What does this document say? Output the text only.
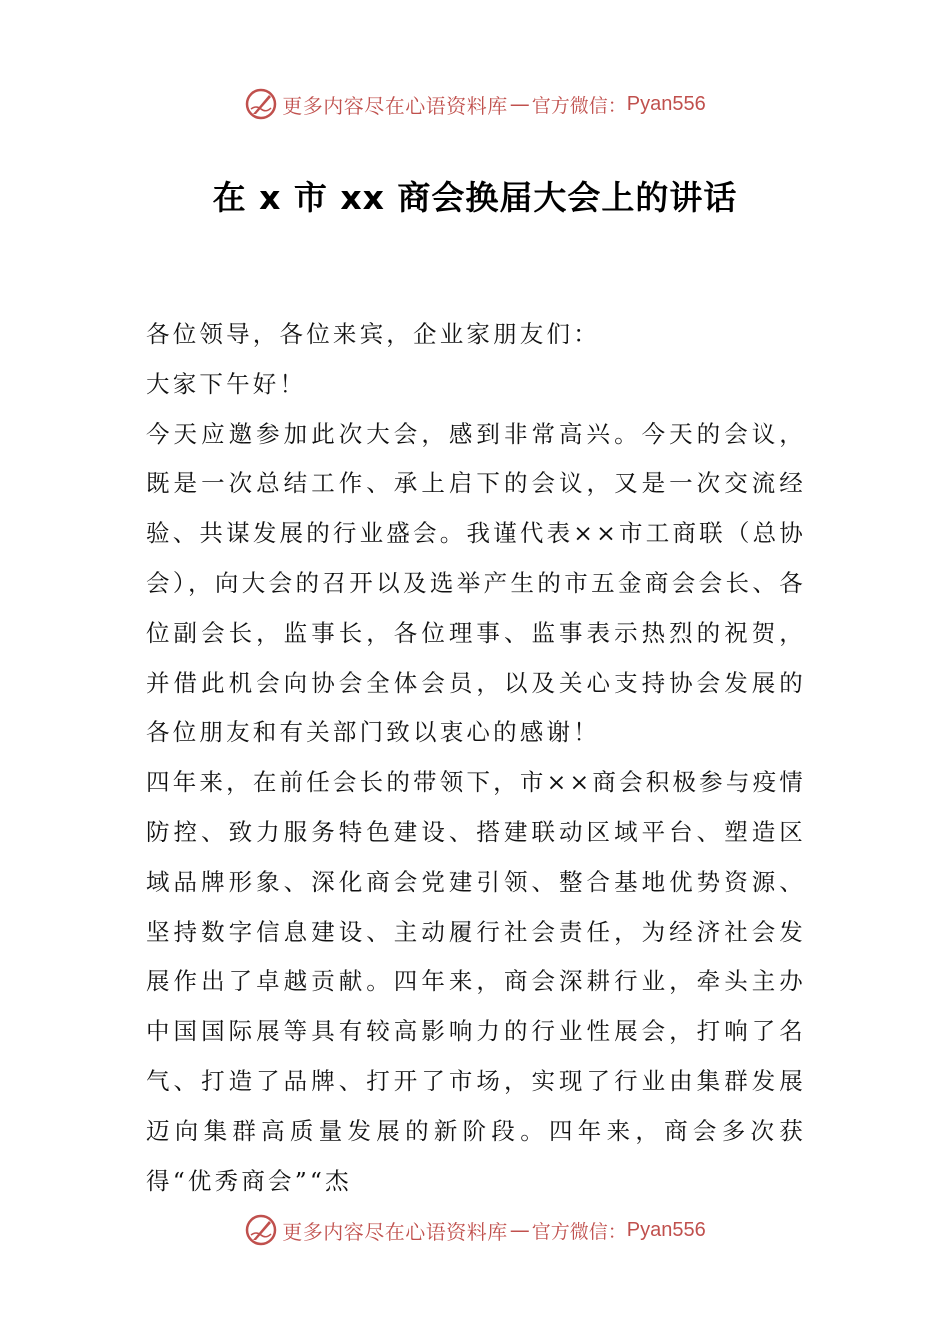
更多内容尽在心语资料库 — 官方微信： Pyan556
在 x 市 xx 商会换届大会上的讲话

各位领导，各位来宾，企业家朋友们：

大家下午好！

今天应邀参加此次大会，感到非常高兴。今天的会议，既是一次总结工作、承上启下的会议，又是一次交流经验、共谋发展的行业盛会。我谨代表××市工商联（总协会），向大会的召开以及选举产生的市五金商会会长、各位副会长，监事长，各位理事、监事表示热烈的祝贺，并借此机会向协会全体会员，以及关心支持协会发展的各位朋友和有关部门致以衷心的感谢！

四年来，在前任会长的带领下，市××商会积极参与疫情防控、致力服务特色建设、搭建联动区域平台、塑造区域品牌形象、深化商会党建引领、整合基地优势资源、坚持数字信息建设、主动履行社会责任，为经济社会发展作出了卓越贡献。四年来，商会深耕行业，牵头主办中国国际展等具有较高影响力的行业性展会，打响了名气、打造了品牌、打开了市场，实现了行业由集群发展迈向集群高质量发展的新阶段。四年来，商会多次获得“优秀商会”“杰

更多内容尽在心语资料库 — 官方微信： Pyan556
